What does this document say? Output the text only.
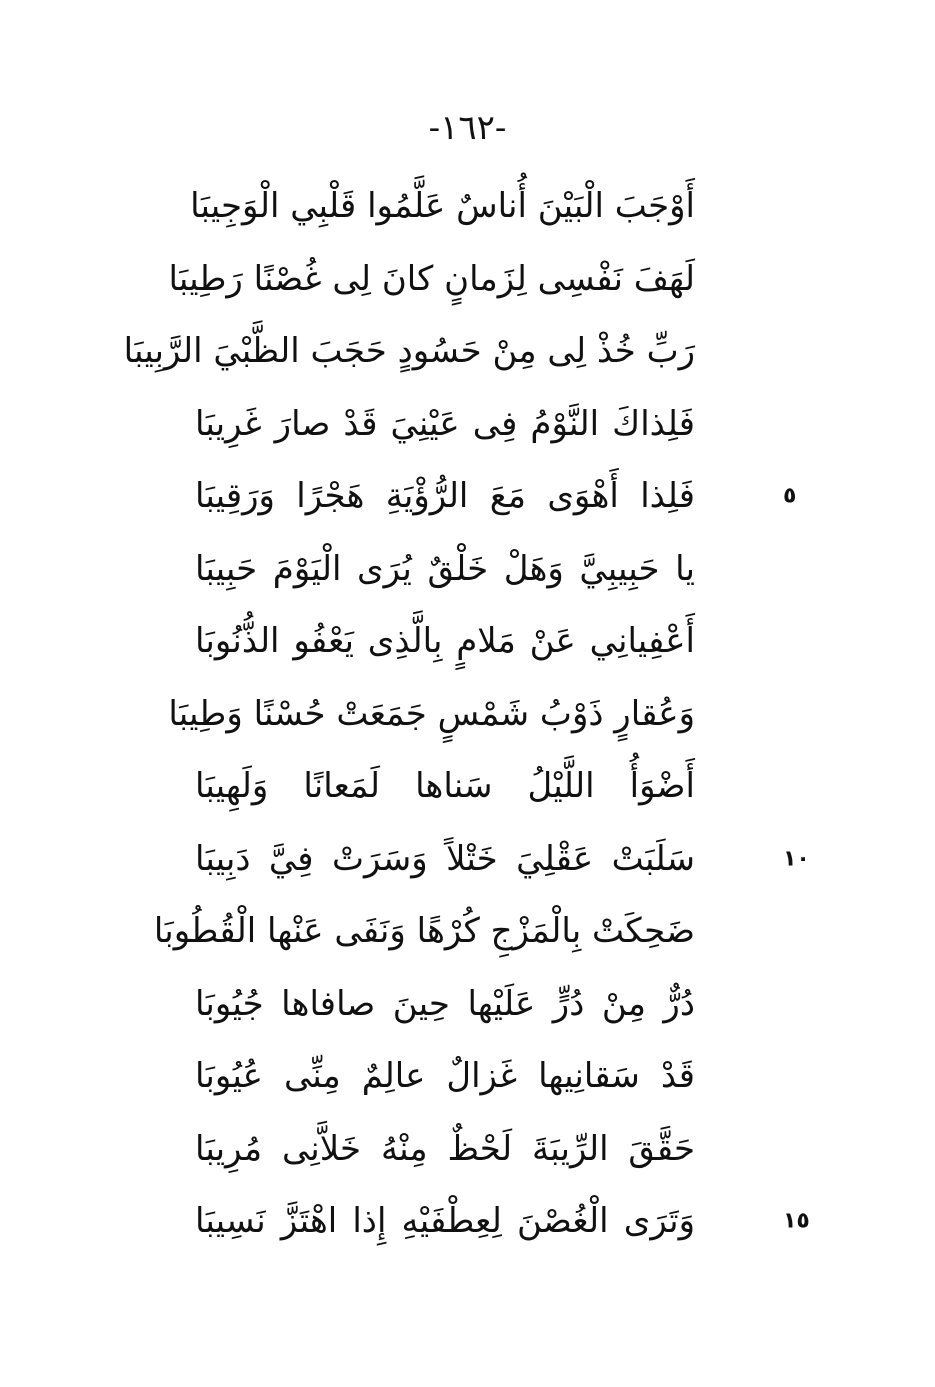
-١٦٢-
أَوْجَبَ الْبَيْنَ أُناسٌ عَلَّمُوا قَلْبِي الْوَجِيبَا
لَهَفَ نَفْسِى لِزَمانٍ كانَ لِى غُصْنًا رَطِيبَا
رَبِّ خُذْ لِى مِنْ حَسُودٍ حَجَبَ الظَّبْيَ الرَّبِيبَا
فَلِذاكَ النَّوْمُ فِى عَيْنِيَ قَدْ صارَ غَرِيبَا
فَلِذا أَهْوَى مَعَ الرُّؤْيَةِ هَجْرًا وَرَقِيبَا	٥
يا حَبِيبِيَّ وَهَلْ خَلْقٌ يُرَى الْيَوْمَ حَبِيبَا
أَعْفِيانِي عَنْ مَلامٍ بِالَّذِى يَعْفُو الذُّنُوبَا
وَعُقارٍ ذَوْبُ شَمْسٍ جَمَعَتْ حُسْنًا وَطِيبَا
أَضْوَأُ اللَّيْلُ سَناها لَمَعانًا وَلَهِيبَا
سَلَبَتْ عَقْلِيَ خَتْلاً وَسَرَتْ فِيَّ دَبِيبَا	١٠
ضَحِكَتْ بِالْمَزْجِ كُرْهًا وَنَفَى عَنْها الْقُطُوبَا
دُرٌّ مِنْ دُرٍّ عَلَيْها حِينَ صافاها جُيُوبَا
قَدْ سَقانِيها غَزالٌ عالِمٌ مِنِّى عُيُوبَا
حَقَّقَ الرِّيبَةَ لَحْظٌ مِنْهُ خَلاَّنِى مُرِيبَا
وَتَرَى الْغُصْنَ لِعِطْفَيْهِ إِذا اهْتَزَّ نَسِيبَا	١٥
